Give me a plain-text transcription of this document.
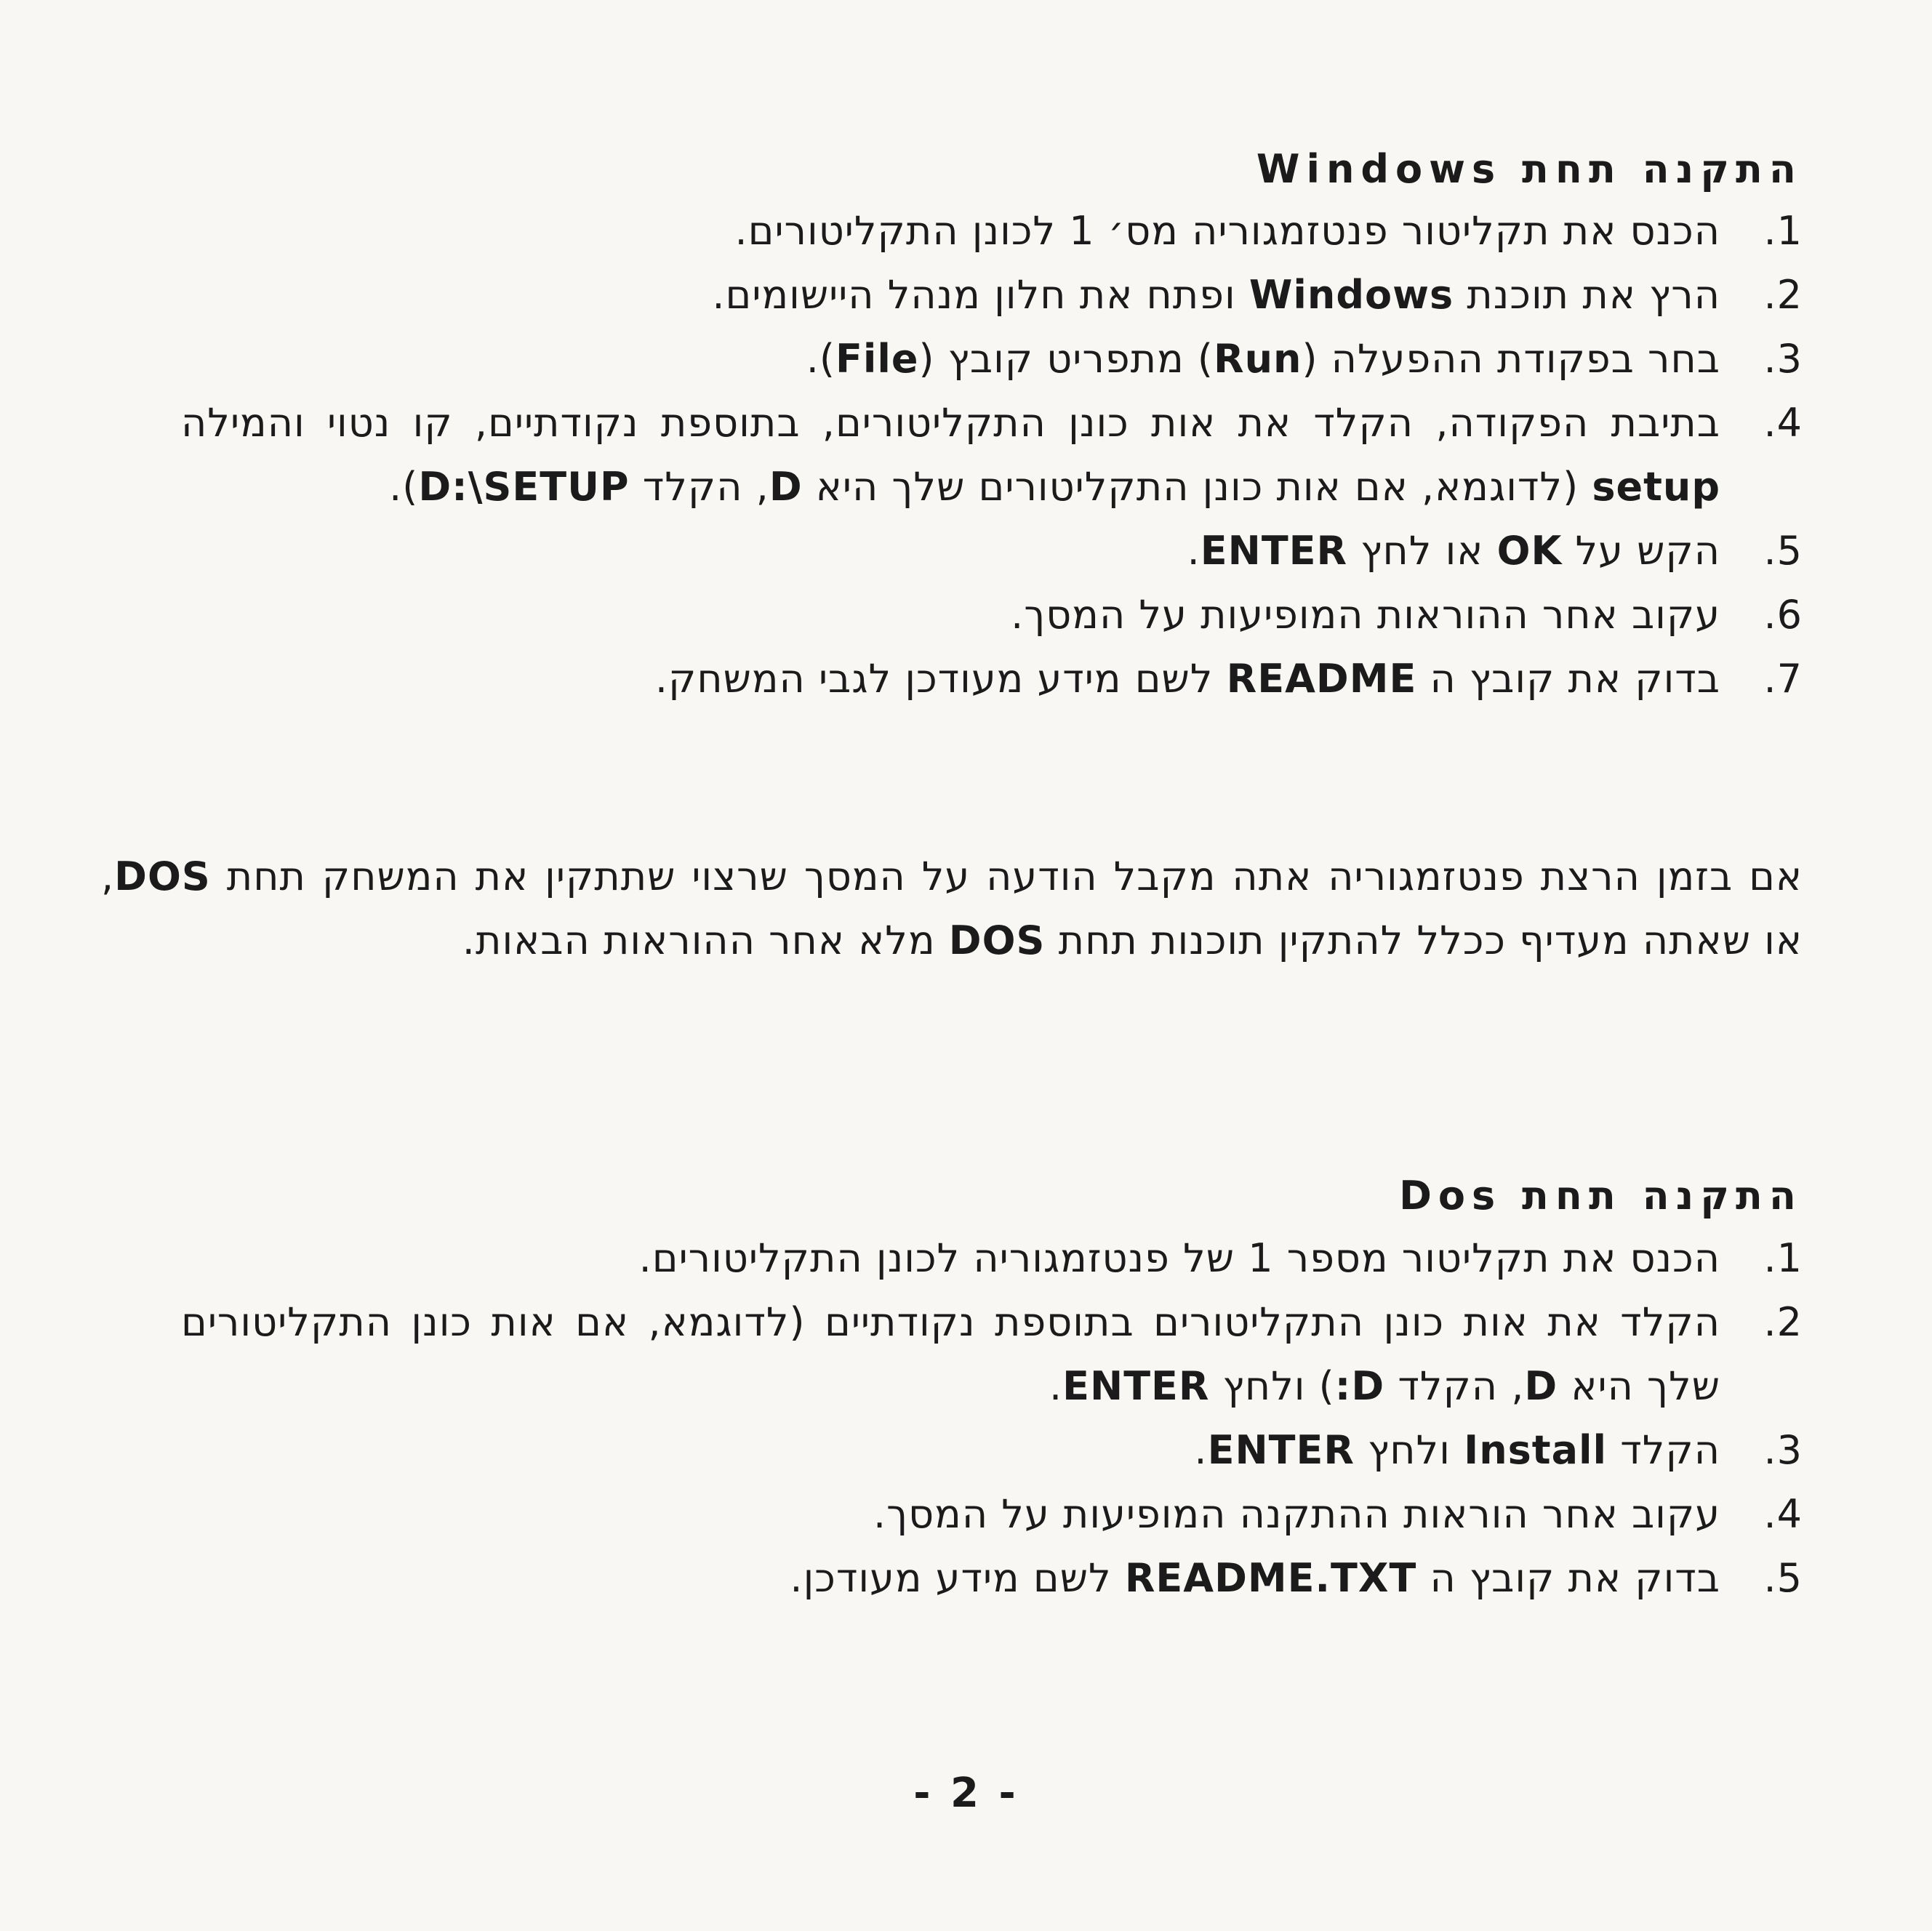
התקנה תחת Windows
1.
הכנס את תקליטור פנטזמגוריה מס׳ 1 לכונן התקליטורים.
2.
הרץ את תוכנת Windows ופתח את חלון מנהל היישומים.
3.
בחר בפקודת ההפעלה (Run) מתפריט קובץ (File).
4.
בתיבת הפקודה, הקלד את אות כונן התקליטורים, בתוספת נקודתיים, קו נטוי והמילה setup (לדוגמא, אם אות כונן התקליטורים שלך היא D, הקלד D:\SETUP).
5.
הקש על OK או לחץ ENTER.
6.
עקוב אחר ההוראות המופיעות על המסך.
7.
בדוק את קובץ ה README לשם מידע מעודכן לגבי המשחק.

אם בזמן הרצת פנטזמגוריה אתה מקבל הודעה על המסך שרצוי שתתקין את המשחק תחת DOS, או שאתה מעדיף ככלל להתקין תוכנות תחת DOS מלא אחר ההוראות הבאות.

התקנה תחת Dos
1.
הכנס את תקליטור מספר 1 של פנטזמגוריה לכונן התקליטורים.
2.
הקלד את אות כונן התקליטורים בתוספת נקודתיים (לדוגמא, אם אות כונן התקליטורים שלך היא D, הקלד :D) ולחץ ENTER.
3.
הקלד Install ולחץ ENTER.
4.
עקוב אחר הוראות ההתקנה המופיעות על המסך.
5.
בדוק את קובץ ה README.TXT לשם מידע מעודכן.
- 2 -
